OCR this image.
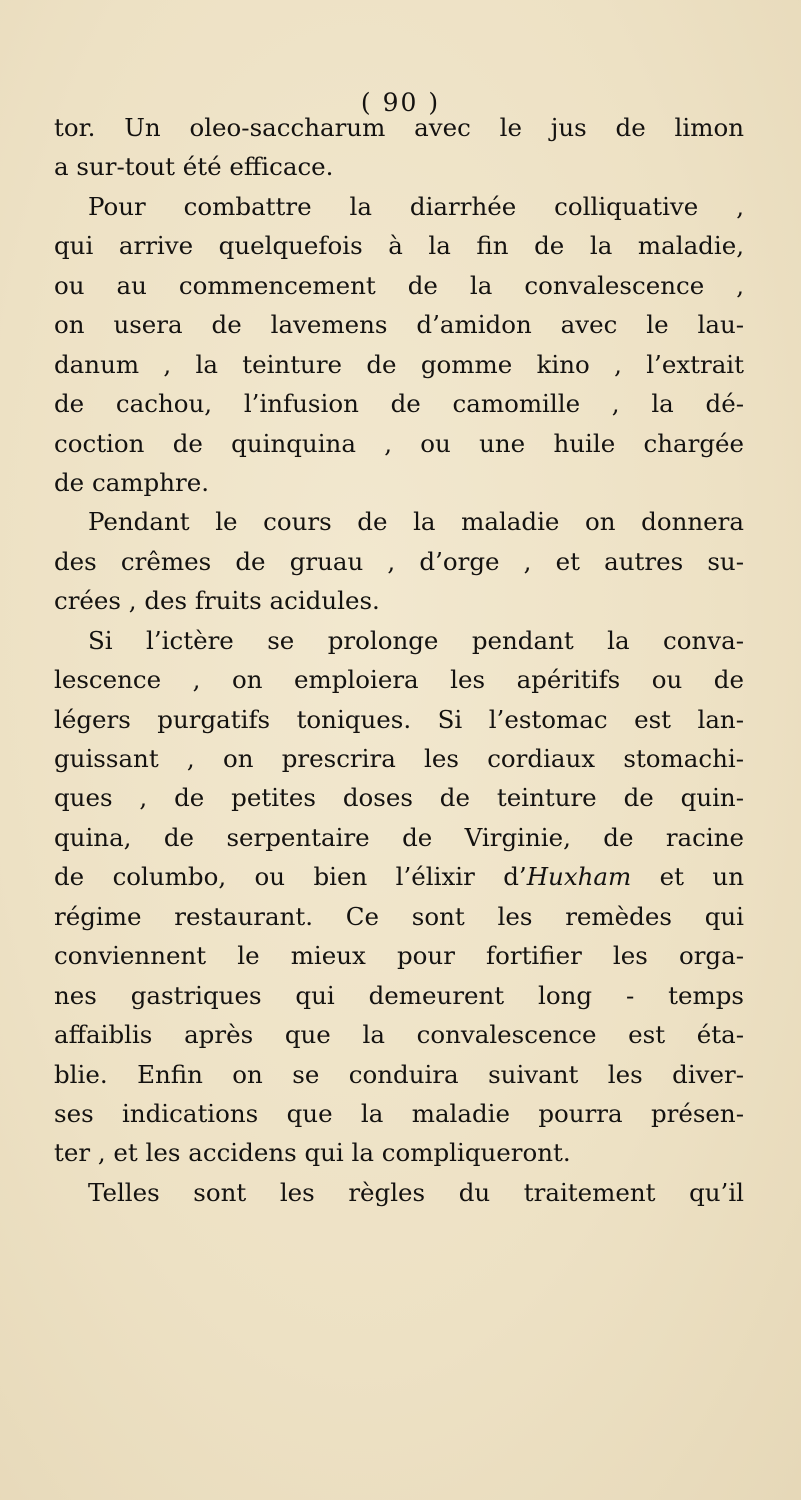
( 90 )
tor. Un oleo-saccharum avec le jus de limon
a sur-tout été efficace.
Pour combattre la diarrhée colliquative ,
qui arrive quelquefois à la fin de la maladie,
ou au commencement de la convalescence ,
on usera de lavemens d’amidon avec le lau-
danum , la teinture de gomme kino , l’extrait
de cachou, l’infusion de camomille , la dé-
coction de quinquina , ou une huile chargée
de camphre.
Pendant le cours de la maladie on donnera
des crêmes de gruau , d’orge , et autres su-
crées , des fruits acidules.
Si l’ictère se prolonge pendant la conva-
lescence , on emploiera les apéritifs ou de
légers purgatifs toniques. Si l’estomac est lan-
guissant , on prescrira les cordiaux stomachi-
ques , de petites doses de teinture de quin-
quina, de serpentaire de Virginie, de racine
de columbo, ou bien l’élixir d’Huxham et un
régime restaurant. Ce sont les remèdes qui
conviennent le mieux pour fortifier les orga-
nes gastriques qui demeurent long - temps
affaiblis après que la convalescence est éta-
blie. Enfin on se conduira suivant les diver-
ses indications que la maladie pourra présen-
ter , et les accidens qui la compliqueront.
Telles sont les règles du traitement qu’il
